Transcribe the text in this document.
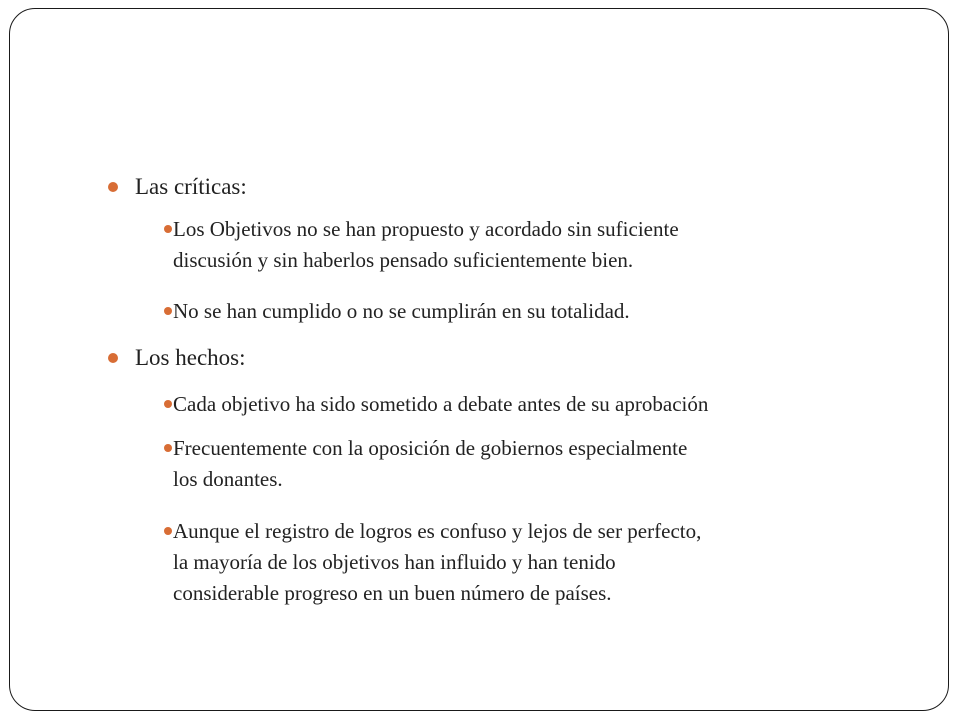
Las críticas:
Los Objetivos no se han propuesto y acordado sin suficiente
discusión y sin haberlos pensado suficientemente bien.
No se han cumplido o no se cumplirán en su totalidad.
Los hechos:
Cada objetivo ha sido sometido a debate antes de su aprobación
Frecuentemente con la oposición de gobiernos especialmente
los donantes.
Aunque el registro de logros es confuso y lejos de ser perfecto,
la mayoría de los objetivos han influido y han tenido
considerable progreso en un buen número de países.
